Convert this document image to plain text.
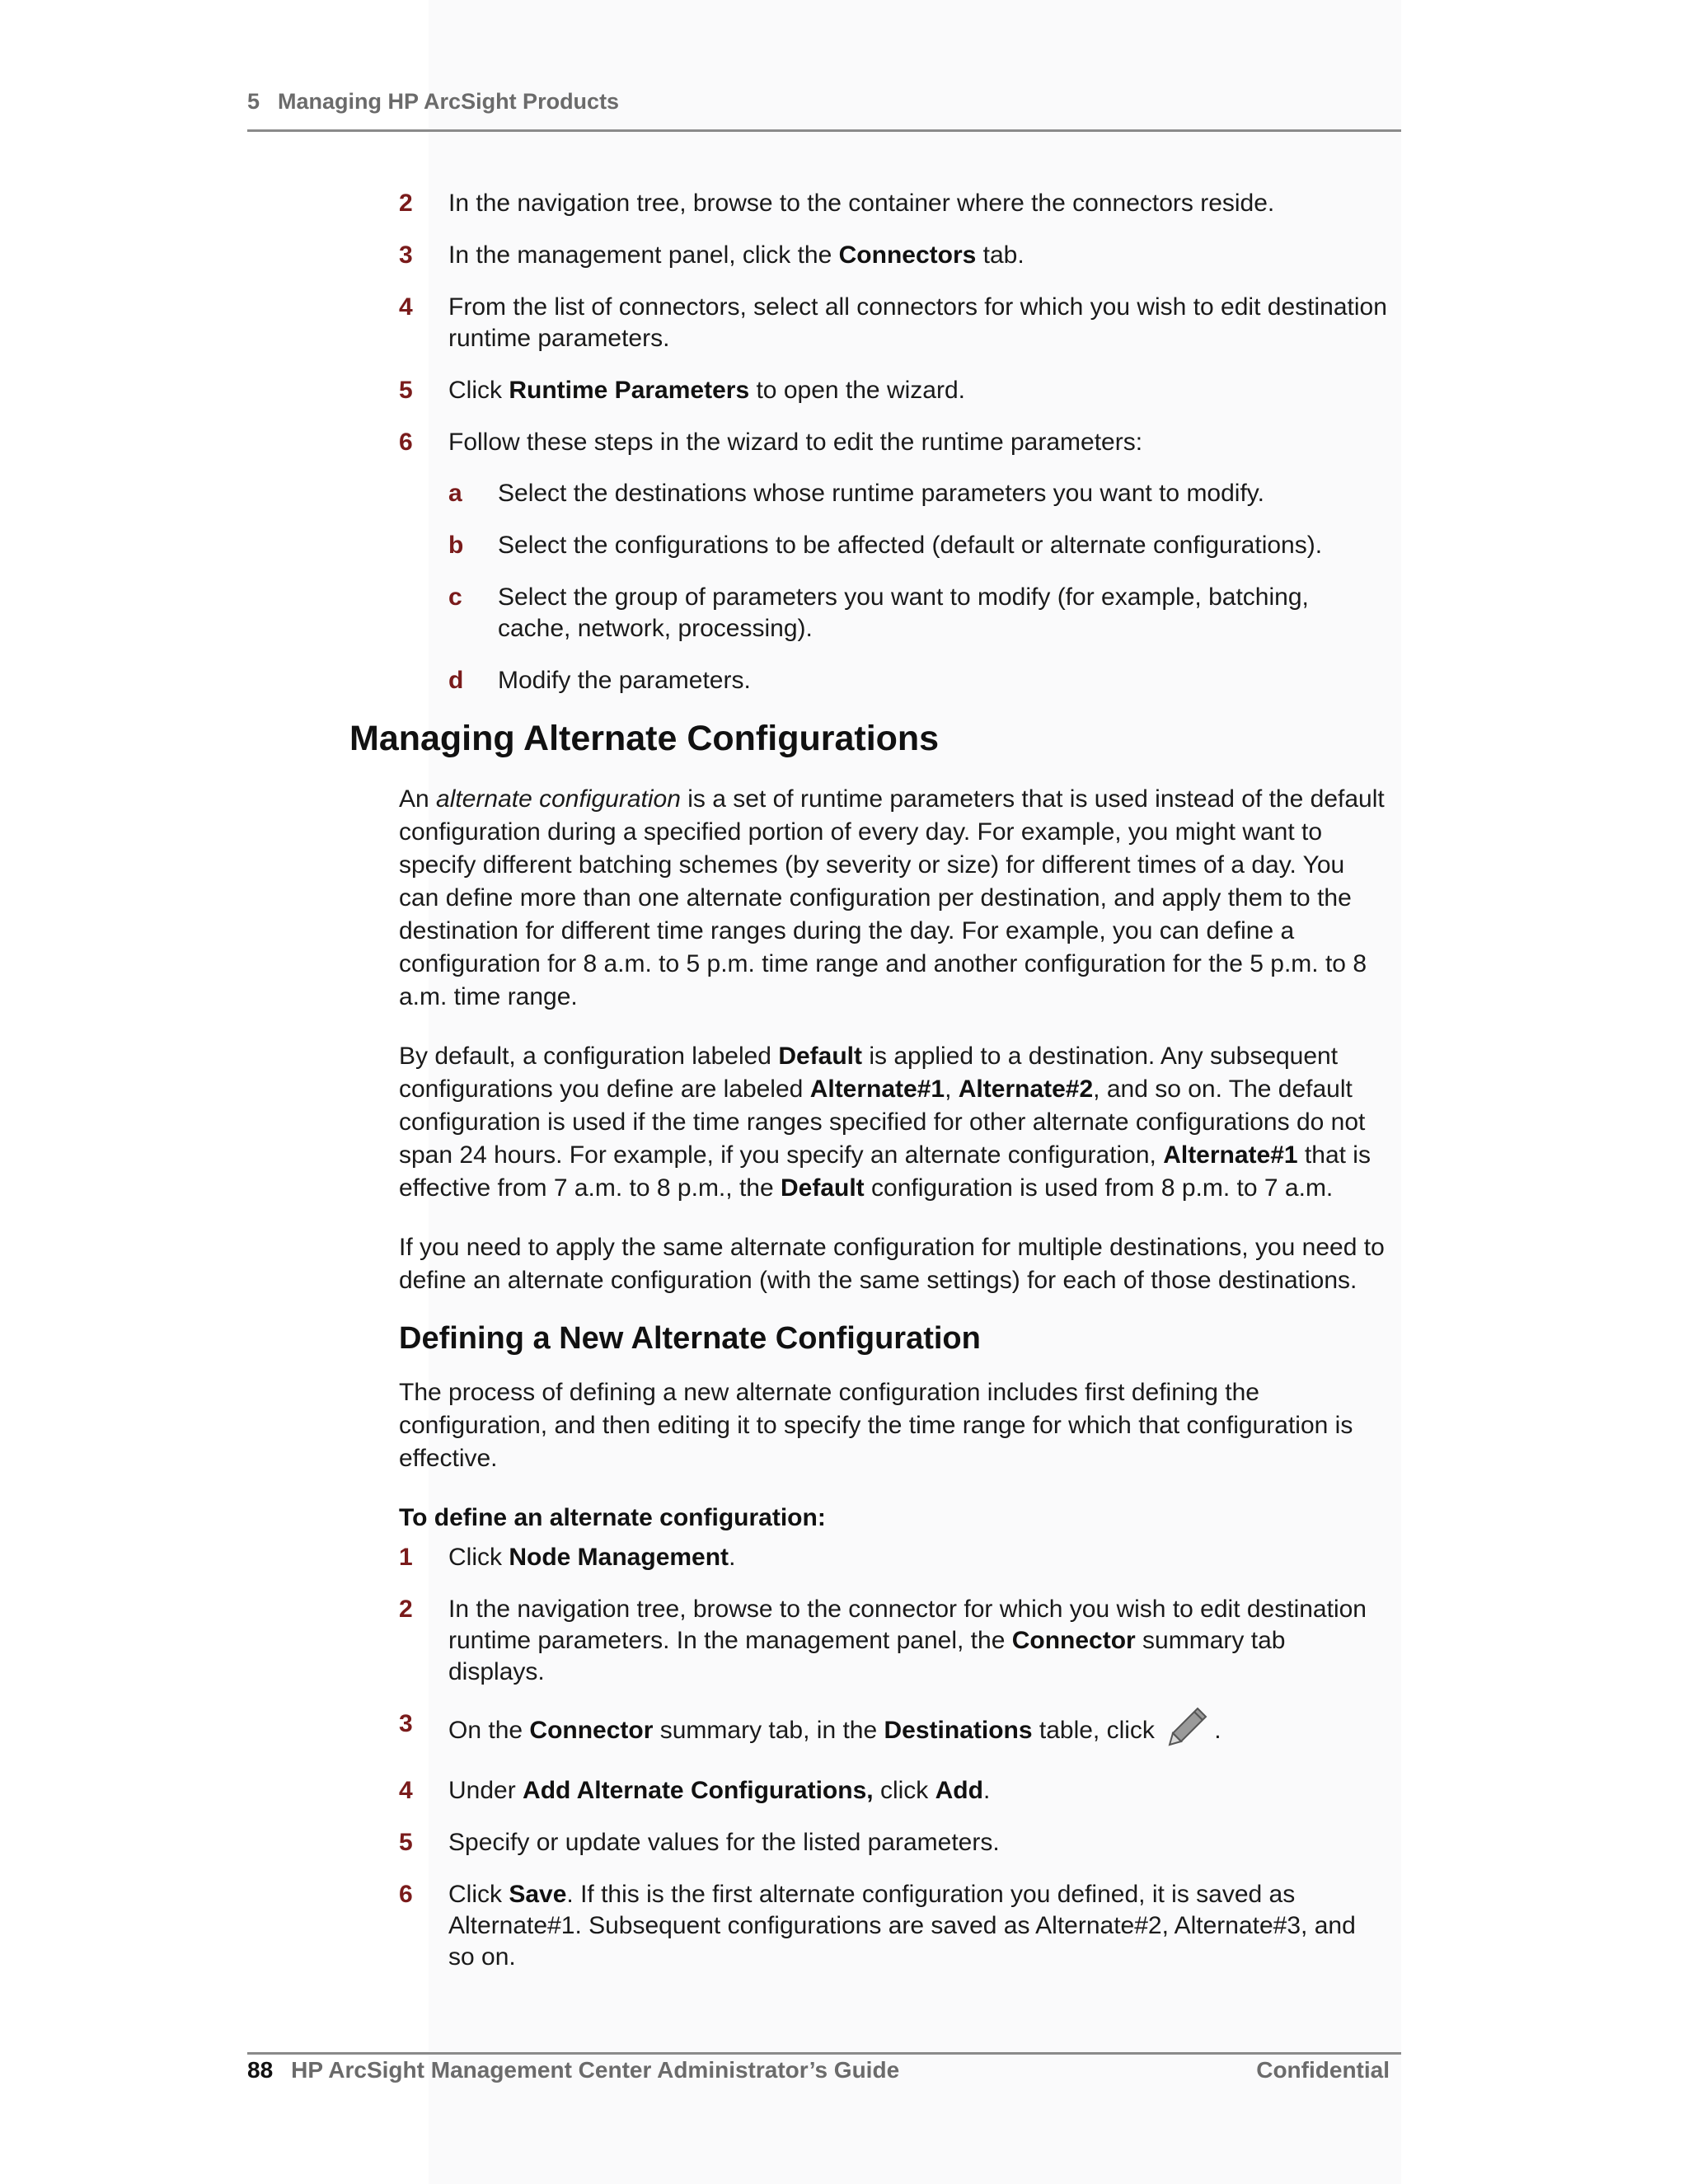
5 Managing HP ArcSight Products
2 In the navigation tree, browse to the container where the connectors reside.
3 In the management panel, click the Connectors tab.
4 From the list of connectors, select all connectors for which you wish to edit destination runtime parameters.
5 Click Runtime Parameters to open the wizard.
6 Follow these steps in the wizard to edit the runtime parameters:
a Select the destinations whose runtime parameters you want to modify.
b Select the configurations to be affected (default or alternate configurations).
c Select the group of parameters you want to modify (for example, batching, cache, network, processing).
d Modify the parameters.
Managing Alternate Configurations

An alternate configuration is a set of runtime parameters that is used instead of the default configuration during a specified portion of every day. For example, you might want to specify different batching schemes (by severity or size) for different times of a day. You can define more than one alternate configuration per destination, and apply them to the destination for different time ranges during the day. For example, you can define a configuration for 8 a.m. to 5 p.m. time range and another configuration for the 5 p.m. to 8 a.m. time range.

By default, a configuration labeled Default is applied to a destination. Any subsequent configurations you define are labeled Alternate#1, Alternate#2, and so on. The default configuration is used if the time ranges specified for other alternate configurations do not span 24 hours. For example, if you specify an alternate configuration, Alternate#1 that is effective from 7 a.m. to 8 p.m., the Default configuration is used from 8 p.m. to 7 a.m.

If you need to apply the same alternate configuration for multiple destinations, you need to define an alternate configuration (with the same settings) for each of those destinations.

Defining a New Alternate Configuration

The process of defining a new alternate configuration includes first defining the configuration, and then editing it to specify the time range for which that configuration is effective.

To define an alternate configuration:

1 Click Node Management.
2 In the navigation tree, browse to the connector for which you wish to edit destination runtime parameters. In the management panel, the Connector summary tab displays.
3 On the Connector summary tab, in the Destinations table, click .
4 Under Add Alternate Configurations, click Add.
5 Specify or update values for the listed parameters.
6 Click Save. If this is the first alternate configuration you defined, it is saved as Alternate#1. Subsequent configurations are saved as Alternate#2, Alternate#3, and so on.
88 HP ArcSight Management Center Administrator’s Guide	Confidential
